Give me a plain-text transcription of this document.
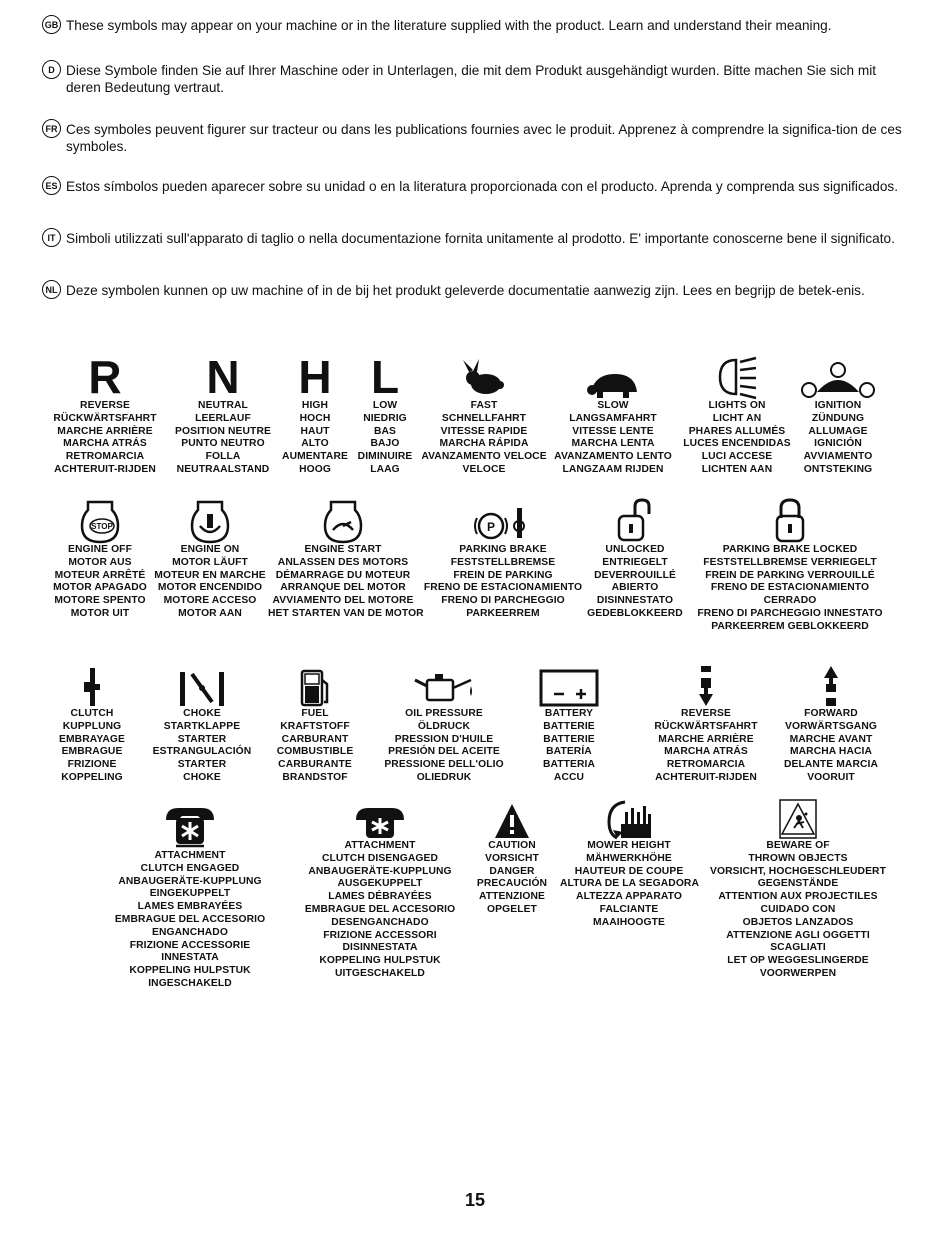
GB These symbols may appear on your machine or in the literature supplied with the product. Learn and understand their meaning.
D Diese Symbole finden Sie auf Ihrer Maschine oder in Unterlagen, die mit dem Produkt ausgehändigt wurden. Bitte machen Sie sich mit deren Bedeutung vertraut.
FR Ces symboles peuvent figurer sur tracteur ou dans les publications fournies avec le produit. Apprenez à comprendre la significa-tion de ces symboles.
ES Estos símbolos pueden aparecer sobre su unidad o en la literatura proporcionada con el producto. Aprenda y comprenda sus significados.
IT Simboli utilizzati sull'apparato di taglio o nella documentazione fornita unitamente al prodotto. E' importante conoscerne bene il significato.
NL Deze symbolen kunnen op uw machine of in de bij het produkt geleverde documentatie aanwezig zijn. Lees en begrijp de betek-enis.
R
REVERSE
RÜCKWÄRTSFAHRT
MARCHE ARRIÈRE
MARCHA ATRÁS
RETROMARCIA
ACHTERUIT-RIJDEN
N
NEUTRAL
LEERLAUF
POSITION NEUTRE
PUNTO NEUTRO
FOLLA
NEUTRAALSTAND
H
HIGH
HOCH
HAUT
ALTO
AUMENTARE
HOOG
L
LOW
NIEDRIG
BAS
BAJO
DIMINUIRE
LAAG
FAST
SCHNELLFAHRT
VITESSE RAPIDE
MARCHA RÁPIDA
AVANZAMENTO VELOCE
VELOCE
SLOW
LANGSAMFAHRT
VITESSE LENTE
MARCHA LENTA
AVANZAMENTO LENTO
LANGZAAM RIJDEN
LIGHTS ON
LICHT AN
PHARES ALLUMÉS
LUCES ENCENDIDAS
LUCI ACCESE
LICHTEN AAN
IGNITION
ZÜNDUNG
ALLUMAGE
IGNICIÓN
AVVIAMENTO
ONTSTEKING
STOP
ENGINE OFF
MOTOR AUS
MOTEUR ARRÊTÉ
MOTOR APAGADO
MOTORE SPENTO
MOTOR UIT
ENGINE ON
MOTOR LÄUFT
MOTEUR EN MARCHE
MOTOR ENCENDIDO
MOTORE ACCESO
MOTOR AAN
ENGINE START
ANLASSEN DES MOTORS
DÉMARRAGE DU MOTEUR
ARRANQUE DEL MOTOR
AVVIAMENTO DEL MOTORE
HET STARTEN VAN DE MOTOR
P
PARKING BRAKE
FESTSTELLBREMSE
FREIN DE PARKING
FRENO DE ESTACIONAMIENTO
FRENO DI PARCHEGGIO
PARKEERREM
UNLOCKED
ENTRIEGELT
DEVERROUILLÉ
ABIERTO
DISINNESTATO
GEDEBLOKKEERD
PARKING BRAKE LOCKED
FESTSTELLBREMSE VERRIEGELT
FREIN DE PARKING VERROUILLÉ
FRENO DE ESTACIONAMIENTO
CERRADO
FRENO DI PARCHEGGIO INNESTATO
PARKEERREM GEBLOKKEERD
CLUTCH
KUPPLUNG
EMBRAYAGE
EMBRAGUE
FRIZIONE
KOPPELING
CHOKE
STARTKLAPPE
STARTER
ESTRANGULACIÓN
STARTER
CHOKE
FUEL
KRAFTSTOFF
CARBURANT
COMBUSTIBLE
CARBURANTE
BRANDSTOF
OIL PRESSURE
ÖLDRUCK
PRESSION D'HUILE
PRESIÓN DEL ACEITE
PRESSIONE DELL'OLIO
OLIEDRUK
BATTERY
BATTERIE
BATTERIE
BATERÍA
BATTERIA
ACCU
REVERSE
RÜCKWÄRTSFAHRT
MARCHE ARRIÈRE
MARCHA ATRÁS
RETROMARCIA
ACHTERUIT-RIJDEN
FORWARD
VORWÄRTSGANG
MARCHE AVANT
MARCHA HACIA
DELANTE MARCIA
VOORUIT
ATTACHMENT
CLUTCH ENGAGED
ANBAUGERÄTE-KUPPLUNG
EINGEKUPPELT
LAMES EMBRAYÉES
EMBRAGUE DEL ACCESORIO
ENGANCHADO
FRIZIONE ACCESSORIE
INNESTATA
KOPPELING HULPSTUK
INGESCHAKELD
ATTACHMENT
CLUTCH DISENGAGED
ANBAUGERÄTE-KUPPLUNG
AUSGEKUPPELT
LAMES DÉBRAYÉES
EMBRAGUE DEL ACCESORIO
DESENGANCHADO
FRIZIONE ACCESSORI
DISINNESTATA
KOPPELING HULPSTUK
UITGESCHAKELD
CAUTION
VORSICHT
DANGER
PRECAUCIÓN
ATTENZIONE
OPGELET
MOWER HEIGHT
MÄHWERKHÖHE
HAUTEUR DE COUPE
ALTURA DE LA SEGADORA
ALTEZZA APPARATO
FALCIANTE
MAAIHOOGTE
BEWARE OF
THROWN OBJECTS
VORSICHT, HOCHGESCHLEUDERT
GEGENSTÄNDE
ATTENTION AUX PROJECTILES
CUIDADO CON
OBJETOS LANZADOS
ATTENZIONE AGLI OGGETTI
SCAGLIATI
LET OP WEGGESLINGERDE
VOORWERPEN
15
